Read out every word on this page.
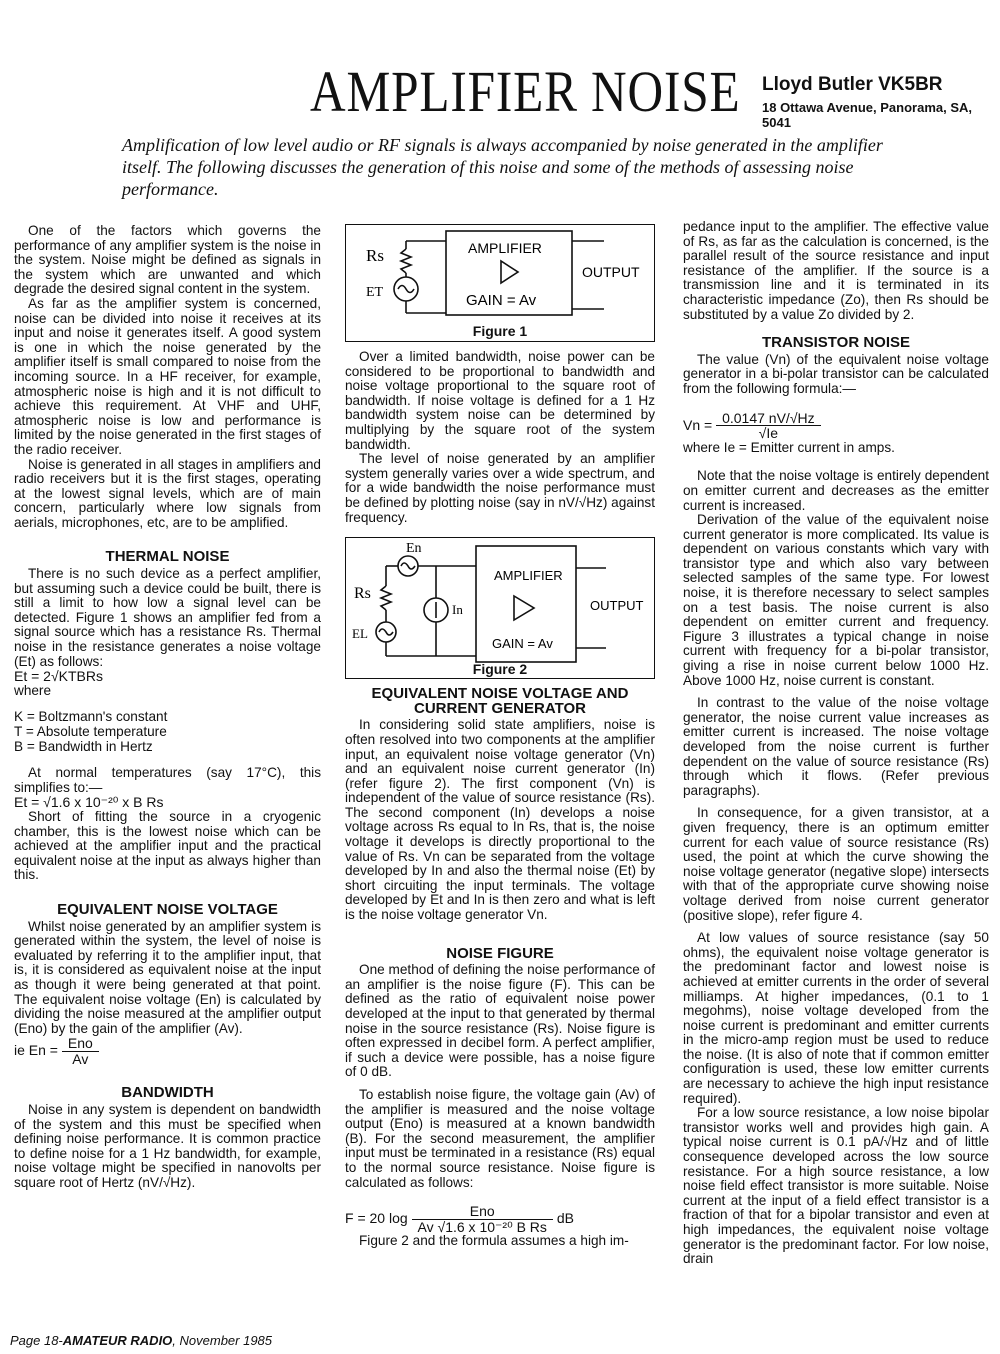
AMPLIFIER NOISE Lloyd Butler VK5BR
18 Ottawa Avenue, Panorama, SA, 5041
Amplification of low level audio or RF signals is always accompanied by noise generated in the amplifier itself. The following discusses the generation of this noise and some of the methods of assessing noise performance.

One of the factors which governs the performance of any amplifier system is the noise in the system. Noise might be defined as signals in the system which are unwanted and which degrade the desired signal content in the system.

As far as the amplifier system is concerned, noise can be divided into noise it receives at its input and noise it generates itself. A good system is one in which the noise generated by the amplifier itself is small compared to noise from the incoming source. In a HF receiver, for example, atmospheric noise is high and it is not difficult to achieve this requirement. At VHF and UHF, atmospheric noise is low and performance is limited by the noise generated in the first stages of the radio receiver.

Noise is generated in all stages in amplifiers and radio receivers but it is the first stages, operating at the lowest signal levels, which are of main concern, particularly where low signals from aerials, microphones, etc, are to be amplified.

THERMAL NOISE

There is no such device as a perfect amplifier, but assuming such a device could be built, there is still a limit to how low a signal level can be detected. Figure 1 shows an amplifier fed from a signal source which has a resistance Rs. Thermal noise in the resistance generates a noise voltage (Et) as follows:

Et = 2√KTBRs

where

K = Boltzmann's constant

T = Absolute temperature

B = Bandwidth in Hertz

At normal temperatures (say 17°C), this simplifies to:—

Et = √1.6 x 10⁻²⁰ x B Rs

Short of fitting the source in a cryogenic chamber, this is the lowest noise which can be achieved at the amplifier input and the practical equivalent noise at the input as always higher than this.

EQUIVALENT NOISE VOLTAGE

Whilst noise generated by an amplifier system is generated within the system, the level of noise is evaluated by referring it to the amplifier input, that is, it is considered as equivalent noise at the input as though it were being generated at that point. The equivalent noise voltage (En) is calculated by dividing the noise measured at the amplifier output (Eno) by the gain of the amplifier (Av).

ie $En = \frac{\text{Eno}}{Av}$

BANDWIDTH

Noise in any system is dependent on bandwidth of the system and this must be specified when defining noise performance. It is common practice to define noise for a 1 Hz bandwidth, for example, noise voltage might be specified in nanovolts per square root of Hertz (nV/√Hz).

Rs
ET
AMPLIFIER
GAIN = Av
OUTPUT
Figure 1

Over a limited bandwidth, noise power can be considered to be proportional to bandwidth and noise voltage proportional to the square root of bandwidth. If noise voltage is defined for a 1 Hz bandwidth system noise can be determined by multiplying by the square root of the system bandwidth.

The level of noise generated by an amplifier system generally varies over a wide spectrum, and for a wide bandwidth the noise performance must be defined by plotting noise (say in nV/√Hz) against frequency.

En
Rs
In
EL
AMPLIFIER
GAIN = Av
OUTPUT
Figure 2
EQUIVALENT NOISE VOLTAGE AND CURRENT GENERATOR

In considering solid state amplifiers, noise is often resolved into two components at the amplifier input, an equivalent noise voltage generator (Vn) and an equivalent noise current generator (In) (refer figure 2). The first component (Vn) is independent of the value of source resistance (Rs). The second component (In) develops a noise voltage across Rs equal to In Rs, that is, the noise voltage it develops is directly proportional to the value of Rs. Vn can be separated from the voltage developed by In and also the thermal noise (Et) by short circuiting the input terminals. The voltage developed by Et and In is then zero and what is left is the noise voltage generator Vn.

NOISE FIGURE

One method of defining the noise performance of an amplifier is the noise figure (F). This can be defined as the ratio of equivalent noise power developed at the input to that generated by thermal noise in the source resistance (Rs). Noise figure is often expressed in decibel form. A perfect amplifier, if such a device were possible, has a noise figure of 0 dB.

To establish noise figure, the voltage gain (Av) of the amplifier is measured and the noise voltage output (Eno) is measured at a known bandwidth (B). For the second measurement, the amplifier input must be terminated in a resistance (Rs) equal to the normal source resistance. Noise figure is calculated as follows:

F = 20 $\log \frac{\text{Eno}}{\text{Av √1.6 x 10⁻²⁰ B Rs}}$ dB

Figure 2 and the formula assumes a high im-

pedance input to the amplifier. The effective value of Rs, as far as the calculation is concerned, is the parallel result of the source resistance and input resistance of the amplifier. If the source is a transmission line and it is terminated in its characteristic impedance (Zo), then Rs should be substituted by a value Zo divided by 2.

TRANSISTOR NOISE

The value (Vn) of the equivalent noise voltage generator in a bi-polar transistor can be calculated from the following formula:—

$Vn = \frac{0.0147 nV/√Hz}{√Ie}$

where Ie = Emitter current in amps.

Note that the noise voltage is entirely dependent on emitter current and decreases as the emitter current is increased.

Derivation of the value of the equivalent noise current generator is more complicated. Its value is dependent on various constants which vary with transistor type and which also vary between selected samples of the same type. For lowest noise, it is therefore necessary to select samples on a test basis. The noise current is also dependent on emitter current and frequency. Figure 3 illustrates a typical change in noise current with frequency for a bi-polar transistor, giving a rise in noise current below 1000 Hz. Above 1000 Hz, noise current is constant.

In contrast to the value of the noise voltage generator, the noise current value increases as emitter current is increased. The noise voltage developed from the noise current is further dependent on the value of source resistance (Rs) through which it flows. (Refer previous paragraphs).

In consequence, for a given transistor, at a given frequency, there is an optimum emitter current for each value of source resistance (Rs) used, the point at which the curve showing the noise voltage generator (negative slope) intersects with that of the appropriate curve showing noise voltage derived from noise current generator (positive slope), refer figure 4.

At low values of source resistance (say 50 ohms), the equivalent noise voltage generator is the predominant factor and lowest noise is achieved at emitter currents in the order of several milliamps. At higher impedances, (0.1 to 1 megohms), noise voltage developed from the noise current is predominant and emitter currents in the micro-amp region must be used to reduce the noise. (It is also of note that if common emitter configuration is used, these low emitter currents are necessary to achieve the high input resistance required).

For a low source resistance, a low noise bipolar transistor works well and provides high gain. A typical noise current is 0.1 pA/√Hz and of little consequence developed across the low source resistance. For a high source resistance, a low noise field effect transistor is more suitable. Noise current at the input of a field effect transistor is a fraction of that for a bipolar transistor and even at high impedances, the equivalent noise voltage generator is the predominant factor. For low noise, drain

Page 18-AMATEUR RADIO, November 1985
